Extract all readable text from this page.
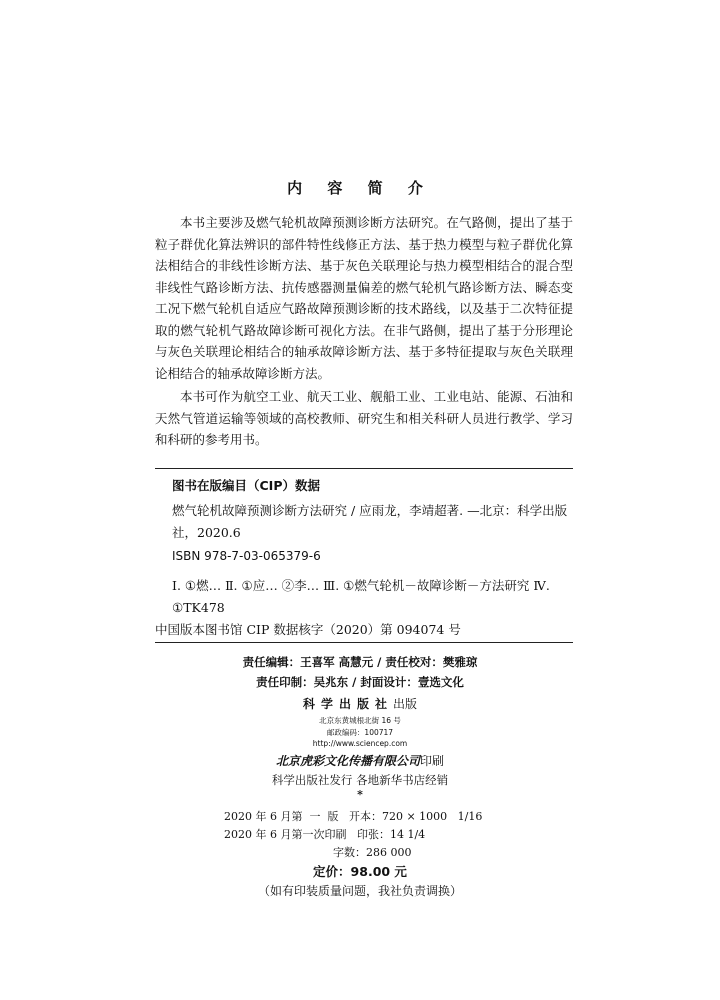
内 容 简 介

本书主要涉及燃气轮机故障预测诊断方法研究。在气路侧，提出了基于粒子群优化算法辨识的部件特性线修正方法、基于热力模型与粒子群优化算法相结合的非线性诊断方法、基于灰色关联理论与热力模型相结合的混合型非线性气路诊断方法、抗传感器测量偏差的燃气轮机气路诊断方法、瞬态变工况下燃气轮机自适应气路故障预测诊断的技术路线，以及基于二次特征提取的燃气轮机气路故障诊断可视化方法。在非气路侧，提出了基于分形理论与灰色关联理论相结合的轴承故障诊断方法、基于多特征提取与灰色关联理论相结合的轴承故障诊断方法。

本书可作为航空工业、航天工业、舰船工业、工业电站、能源、石油和天然气管道运输等领域的高校教师、研究生和相关科研人员进行教学、学习和科研的参考用书。

图书在版编目（CIP）数据
燃气轮机故障预测诊断方法研究 / 应雨龙，李靖超著. —北京：科学出版社，2020.6
ISBN 978-7-03-065379-6
Ⅰ. ①燃… Ⅱ. ①应… ②李… Ⅲ. ①燃气轮机－故障诊断－方法研究 Ⅳ. ①TK478
中国版本图书馆 CIP 数据核字（2020）第 094074 号
责任编辑：王喜军 高慧元 / 责任校对：樊雅琼
责任印制：吴兆东 / 封面设计：壹选文化
科学出版社出版
北京东黄城根北街 16 号
邮政编码：100717
http://www.sciencep.com
北京虎彩文化传播有限公司印刷
科学出版社发行 各地新华书店经销
*
2020 年 6 月第  一  版   开本：720 × 1000   1/16
2020 年 6 月第一次印刷   印张：14 1/4
字数：286 000
定价：98.00 元
（如有印装质量问题，我社负责调换）
